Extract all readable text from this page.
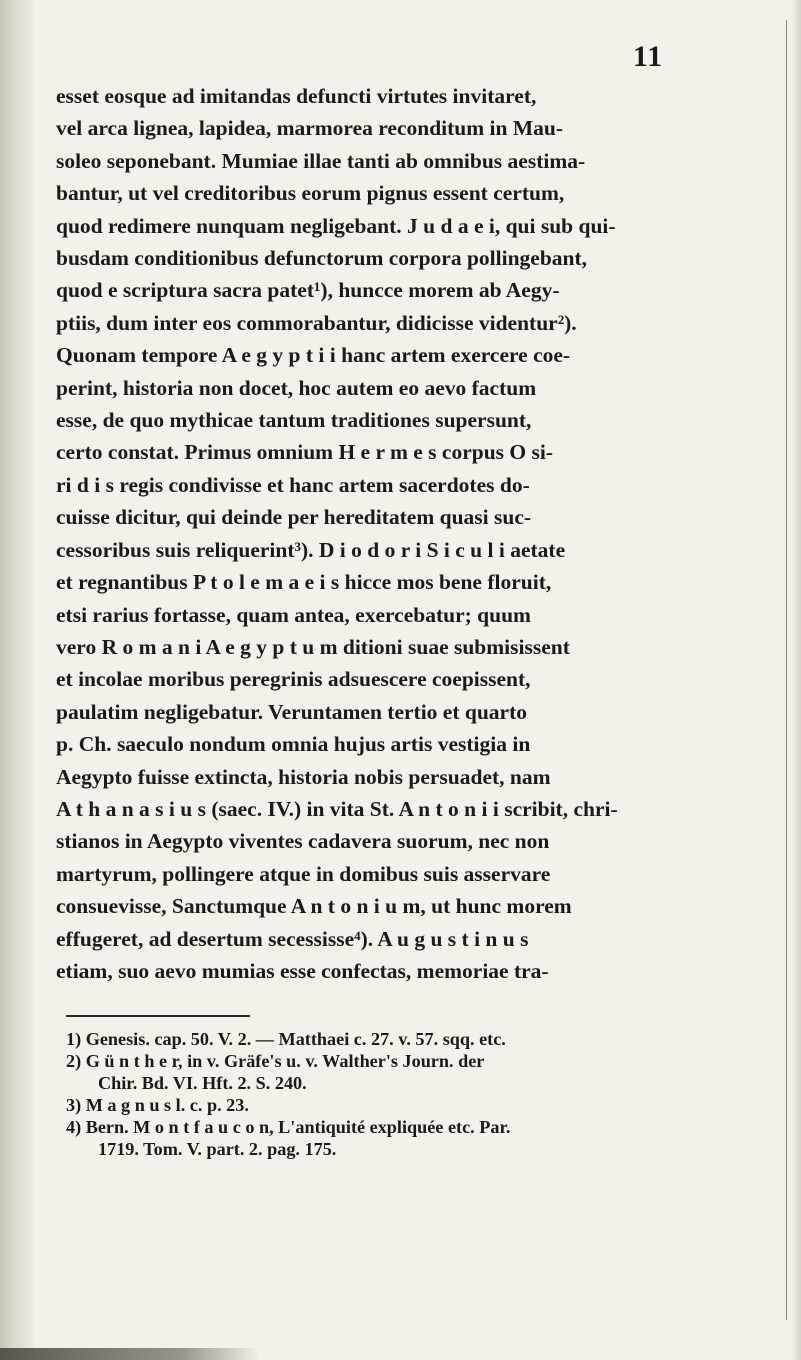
11
esset eosque ad imitandas defuncti virtutes invitaret,
vel arca lignea, lapidea, marmorea reconditum in Mau-
soleo seponebant. Mumiae illae tanti ab omnibus aestima-
bantur, ut vel creditoribus eorum pignus essent certum,
quod redimere nunquam negligebant. J u d a e i, qui sub qui-
busdam conditionibus defunctorum corpora pollingebant,
quod e scriptura sacra patet¹), huncce morem ab Aegy-
ptiis, dum inter eos commorabantur, didicisse videntur²).
Quonam tempore A e g y p t i i hanc artem exercere coe-
perint, historia non docet, hoc autem eo aevo factum
esse, de quo mythicae tantum traditiones supersunt,
certo constat. Primus omnium H e r m e s corpus O si-
ri d i s regis condivisse et hanc artem sacerdotes do-
cuisse dicitur, qui deinde per hereditatem quasi suc-
cessoribus suis reliquerint³). D i o d o r i S i c u l i aetate
et regnantibus P t o l e m a e i s hicce mos bene floruit,
etsi rarius fortasse, quam antea, exercebatur; quum
vero R o m a n i A e g y p t u m ditioni suae submisissent
et incolae moribus peregrinis adsuescere coepissent,
paulatim negligebatur. Veruntamen tertio et quarto
p. Ch. saeculo nondum omnia hujus artis vestigia in
Aegypto fuisse extincta, historia nobis persuadet, nam
A t h a n a s i u s (saec. IV.) in vita St. A n t o n i i scribit, chri-
stianos in Aegypto viventes cadavera suorum, nec non
martyrum, pollingere atque in domibus suis asservare
consuevisse, Sanctumque A n t o n i u m, ut hunc morem
effugeret, ad desertum secessisse⁴). A u g u s t i n u s
etiam, suo aevo mumias esse confectas, memoriae tra-
1) Genesis. cap. 50. V. 2. — Matthaei c. 27. v. 57. sqq. etc.
2) G ü n t h e r, in v. Gräfe's u. v. Walther's Journ. der
Chir. Bd. VI. Hft. 2. S. 240.
3) M a g n u s l. c. p. 23.
4) Bern. M o n t f a u c o n, L'antiquité expliquée etc. Par.
1719. Tom. V. part. 2. pag. 175.
